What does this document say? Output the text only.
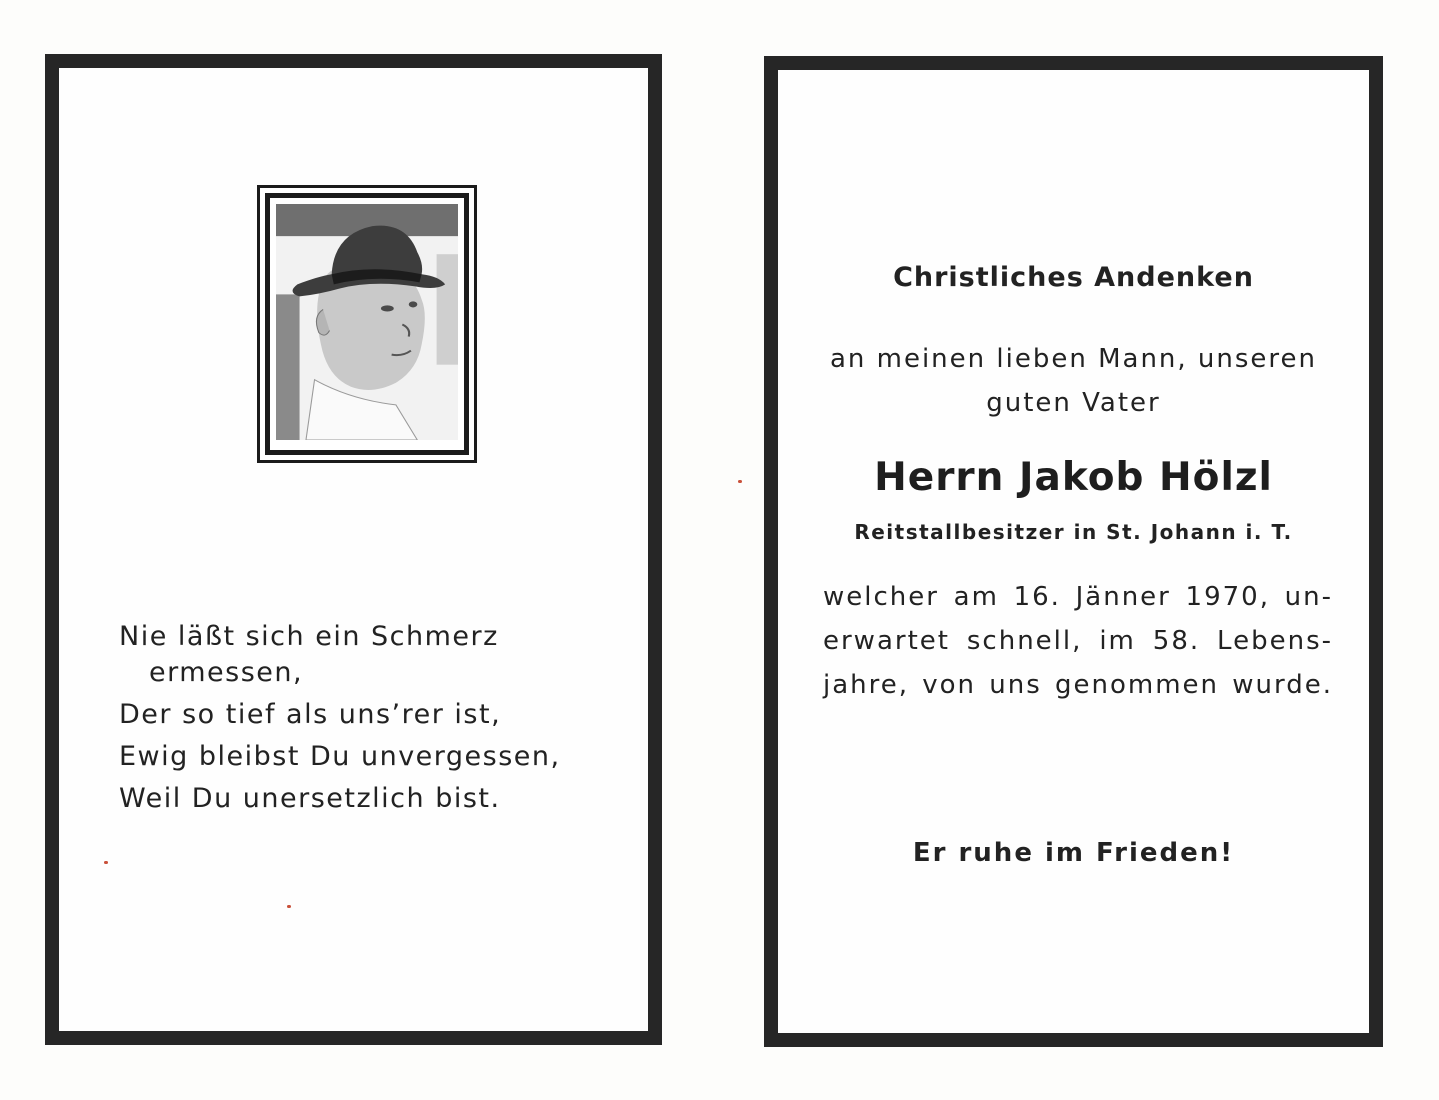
Nie läßt sich ein Schmerz
ermessen,
Der so tief als uns’rer ist,
Ewig bleibst Du unvergessen,
Weil Du unersetzlich bist.
Christliches Andenken
an meinen lieben Mann, unseren
guten Vater
Herrn Jakob Hölzl
Reitstallbesitzer in St. Johann i. T.
welcher am 16. Jänner 1970, un-
erwartet schnell, im 58. Lebens-
jahre, von uns genommen wurde.
Er ruhe im Frieden!
